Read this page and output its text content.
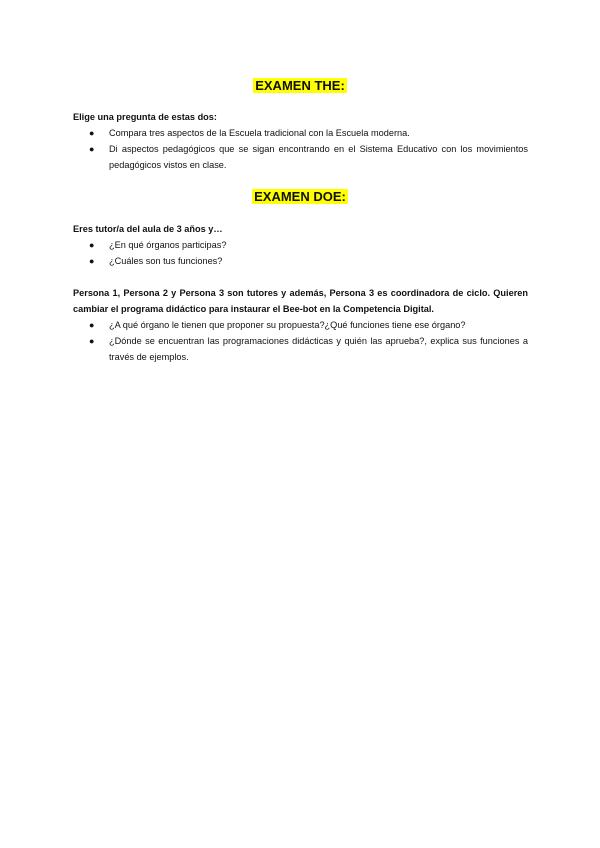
EXAMEN THE:
Elige una pregunta de estas dos:
● Compara tres aspectos de la Escuela tradicional con la Escuela moderna.
● Di aspectos pedagógicos que se sigan encontrando en el Sistema Educativo con los movimientos pedagógicos vistos en clase.
EXAMEN DOE:
Eres tutor/a del aula de 3 años y…
● ¿En qué órganos participas?
● ¿Cuáles son tus funciones?
Persona 1, Persona 2 y Persona 3 son tutores y además, Persona 3 es coordinadora de ciclo. Quieren cambiar el programa didáctico para instaurar el Bee-bot en la Competencia Digital.
● ¿A qué órgano le tienen que proponer su propuesta?¿Qué funciones tiene ese órgano?
● ¿Dónde se encuentran las programaciones didácticas y quién las aprueba?, explica sus funciones a través de ejemplos.
